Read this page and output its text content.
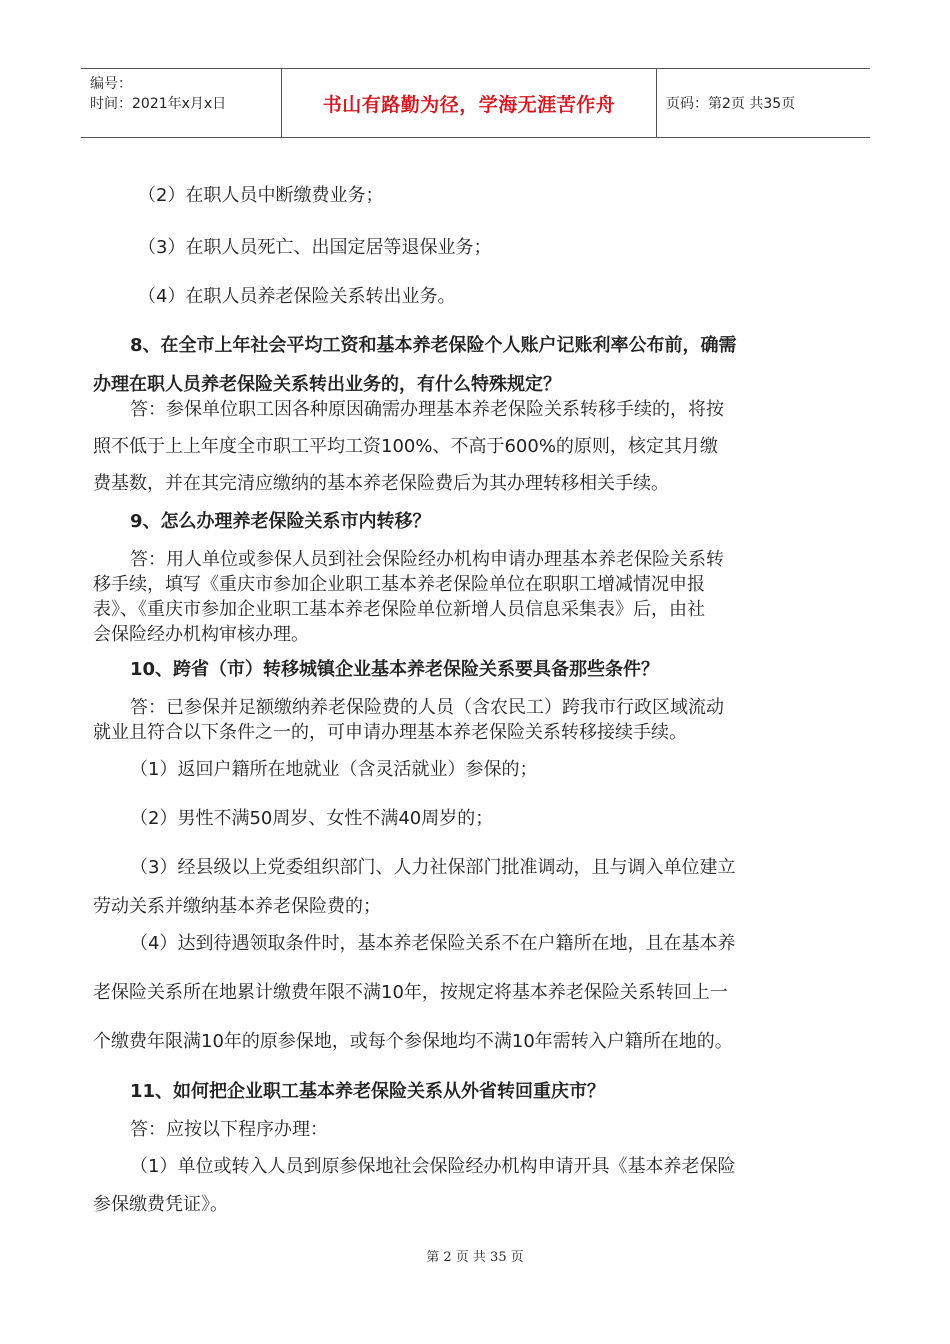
编号：
时间：2021年x月x日	书山有路勤为径，学海无涯苦作舟	页码：第2页 共35页

（2）在职人员中断缴费业务；

（3）在职人员死亡、出国定居等退保业务；

（4）在职人员养老保险关系转出业务。

8、在全市上年社会平均工资和基本养老保险个人账户记账利率公布前，确需

办理在职人员养老保险关系转出业务的，有什么特殊规定？

答：参保单位职工因各种原因确需办理基本养老保险关系转移手续的，将按

照不低于上上年度全市职工平均工资100%、不高于600%的原则，核定其月缴

费基数，并在其完清应缴纳的基本养老保险费后为其办理转移相关手续。

9、怎么办理养老保险关系市内转移？

答：用人单位或参保人员到社会保险经办机构申请办理基本养老保险关系转

移手续，填写《重庆市参加企业职工基本养老保险单位在职职工增减情况申报

表》、《重庆市参加企业职工基本养老保险单位新增人员信息采集表》后，由社

会保险经办机构审核办理。

10、跨省（市）转移城镇企业基本养老保险关系要具备那些条件？

答：已参保并足额缴纳养老保险费的人员（含农民工）跨我市行政区域流动

就业且符合以下条件之一的，可申请办理基本养老保险关系转移接续手续。

（1）返回户籍所在地就业（含灵活就业）参保的；

（2）男性不满50周岁、女性不满40周岁的；

（3）经县级以上党委组织部门、人力社保部门批准调动，且与调入单位建立

劳动关系并缴纳基本养老保险费的；

（4）达到待遇领取条件时，基本养老保险关系不在户籍所在地，且在基本养

老保险关系所在地累计缴费年限不满10年，按规定将基本养老保险关系转回上一

个缴费年限满10年的原参保地，或每个参保地均不满10年需转入户籍所在地的。

11、如何把企业职工基本养老保险关系从外省转回重庆市？

答：应按以下程序办理：

（1）单位或转入人员到原参保地社会保险经办机构申请开具《基本养老保险

参保缴费凭证》。

第 2 页 共 35 页
